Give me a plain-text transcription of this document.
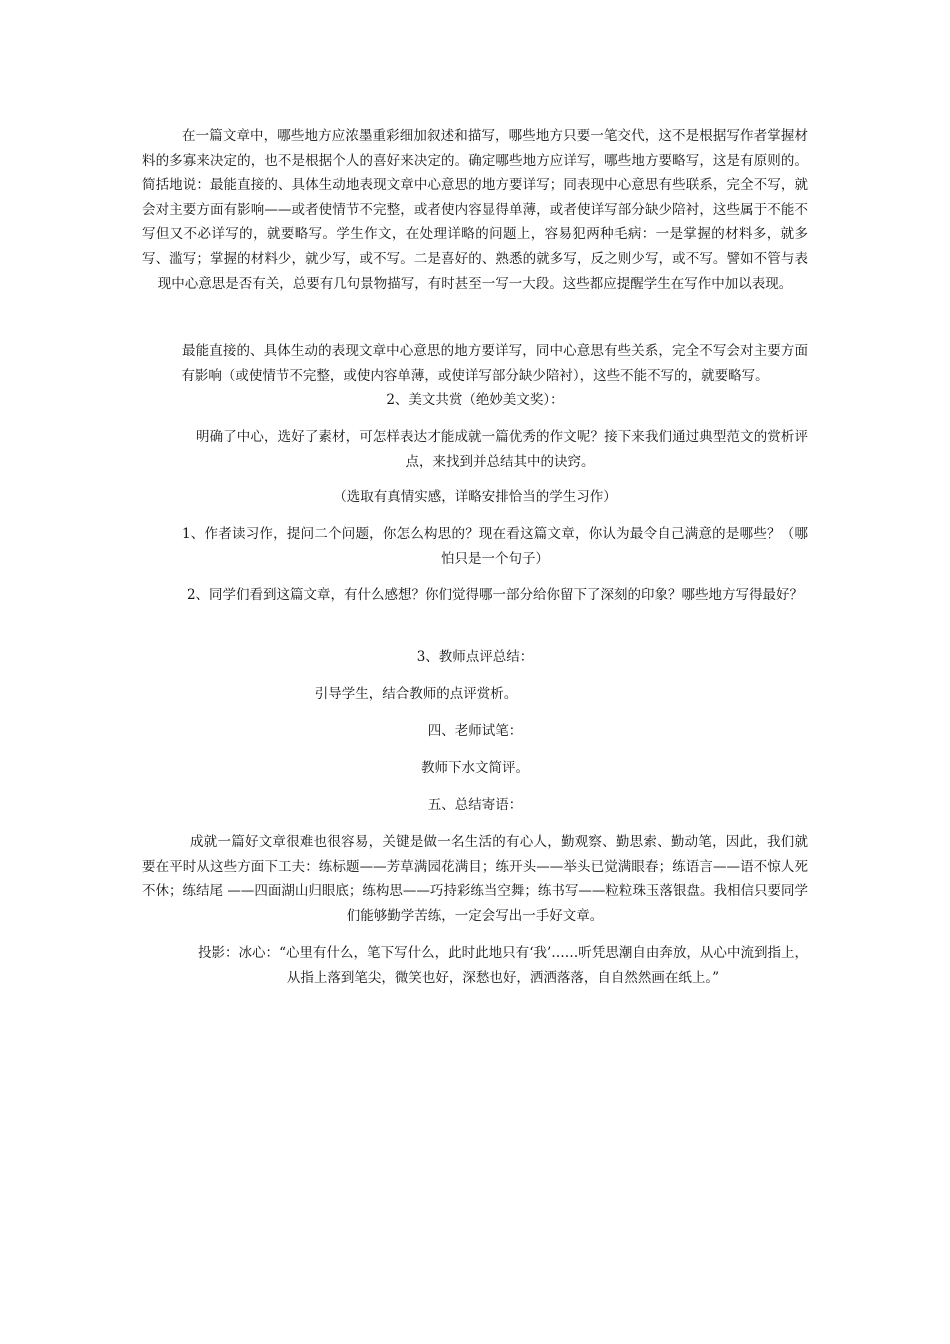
在一篇文章中，哪些地方应浓墨重彩细加叙述和描写，哪些地方只要一笔交代，这不是根据写作者掌握材料的多寡来决定的，也不是根据个人的喜好来决定的。确定哪些地方应详写，哪些地方要略写，这是有原则的。简括地说：最能直接的、具体生动地表现文章中心意思的地方要详写；同表现中心意思有些联系，完全不写，就会对主要方面有影响——或者使情节不完整，或者使内容显得单薄，或者使详写部分缺少陪衬，这些属于不能不写但又不必详写的，就要略写。学生作文，在处理详略的问题上，容易犯两种毛病：一是掌握的材料多，就多写、滥写；掌握的材料少，就少写，或不写。二是喜好的、熟悉的就多写，反之则少写，或不写。譬如不管与表现中心意思是否有关，总要有几句景物描写，有时甚至一写一大段。这些都应提醒学生在写作中加以表现。

最能直接的、具体生动的表现文章中心意思的地方要详写，同中心意思有些关系，完全不写会对主要方面有影响（或使情节不完整，或使内容单薄，或使详写部分缺少陪衬），这些不能不写的，就要略写。

2、美文共赏（绝妙美文奖）：

明确了中心，选好了素材，可怎样表达才能成就一篇优秀的作文呢？接下来我们通过典型范文的赏析评点，来找到并总结其中的诀窍。

（选取有真情实感，详略安排恰当的学生习作）

1、作者读习作，提问二个问题，你怎么构思的？现在看这篇文章，你认为最令自己满意的是哪些？（哪怕只是一个句子）

2、同学们看到这篇文章，有什么感想？你们觉得哪一部分给你留下了深刻的印象？哪些地方写得最好？

3、教师点评总结：

引导学生，结合教师的点评赏析。

四、老师试笔：

教师下水文简评。

五、总结寄语：

成就一篇好文章很难也很容易，关键是做一名生活的有心人，勤观察、勤思索、勤动笔，因此，我们就要在平时从这些方面下工夫：练标题——芳草满园花满目；练开头——举头已觉满眼春；练语言——语不惊人死不休；练结尾 ——四面湖山归眼底；练构思——巧持彩练当空舞；练书写——粒粒珠玉落银盘。我相信只要同学们能够勤学苦练，一定会写出一手好文章。

投影：冰心：“心里有什么，笔下写什么，此时此地只有‘我’……听凭思潮自由奔放，从心中流到指上，从指上落到笔尖，微笑也好，深愁也好，洒洒落落，自自然然画在纸上。”
